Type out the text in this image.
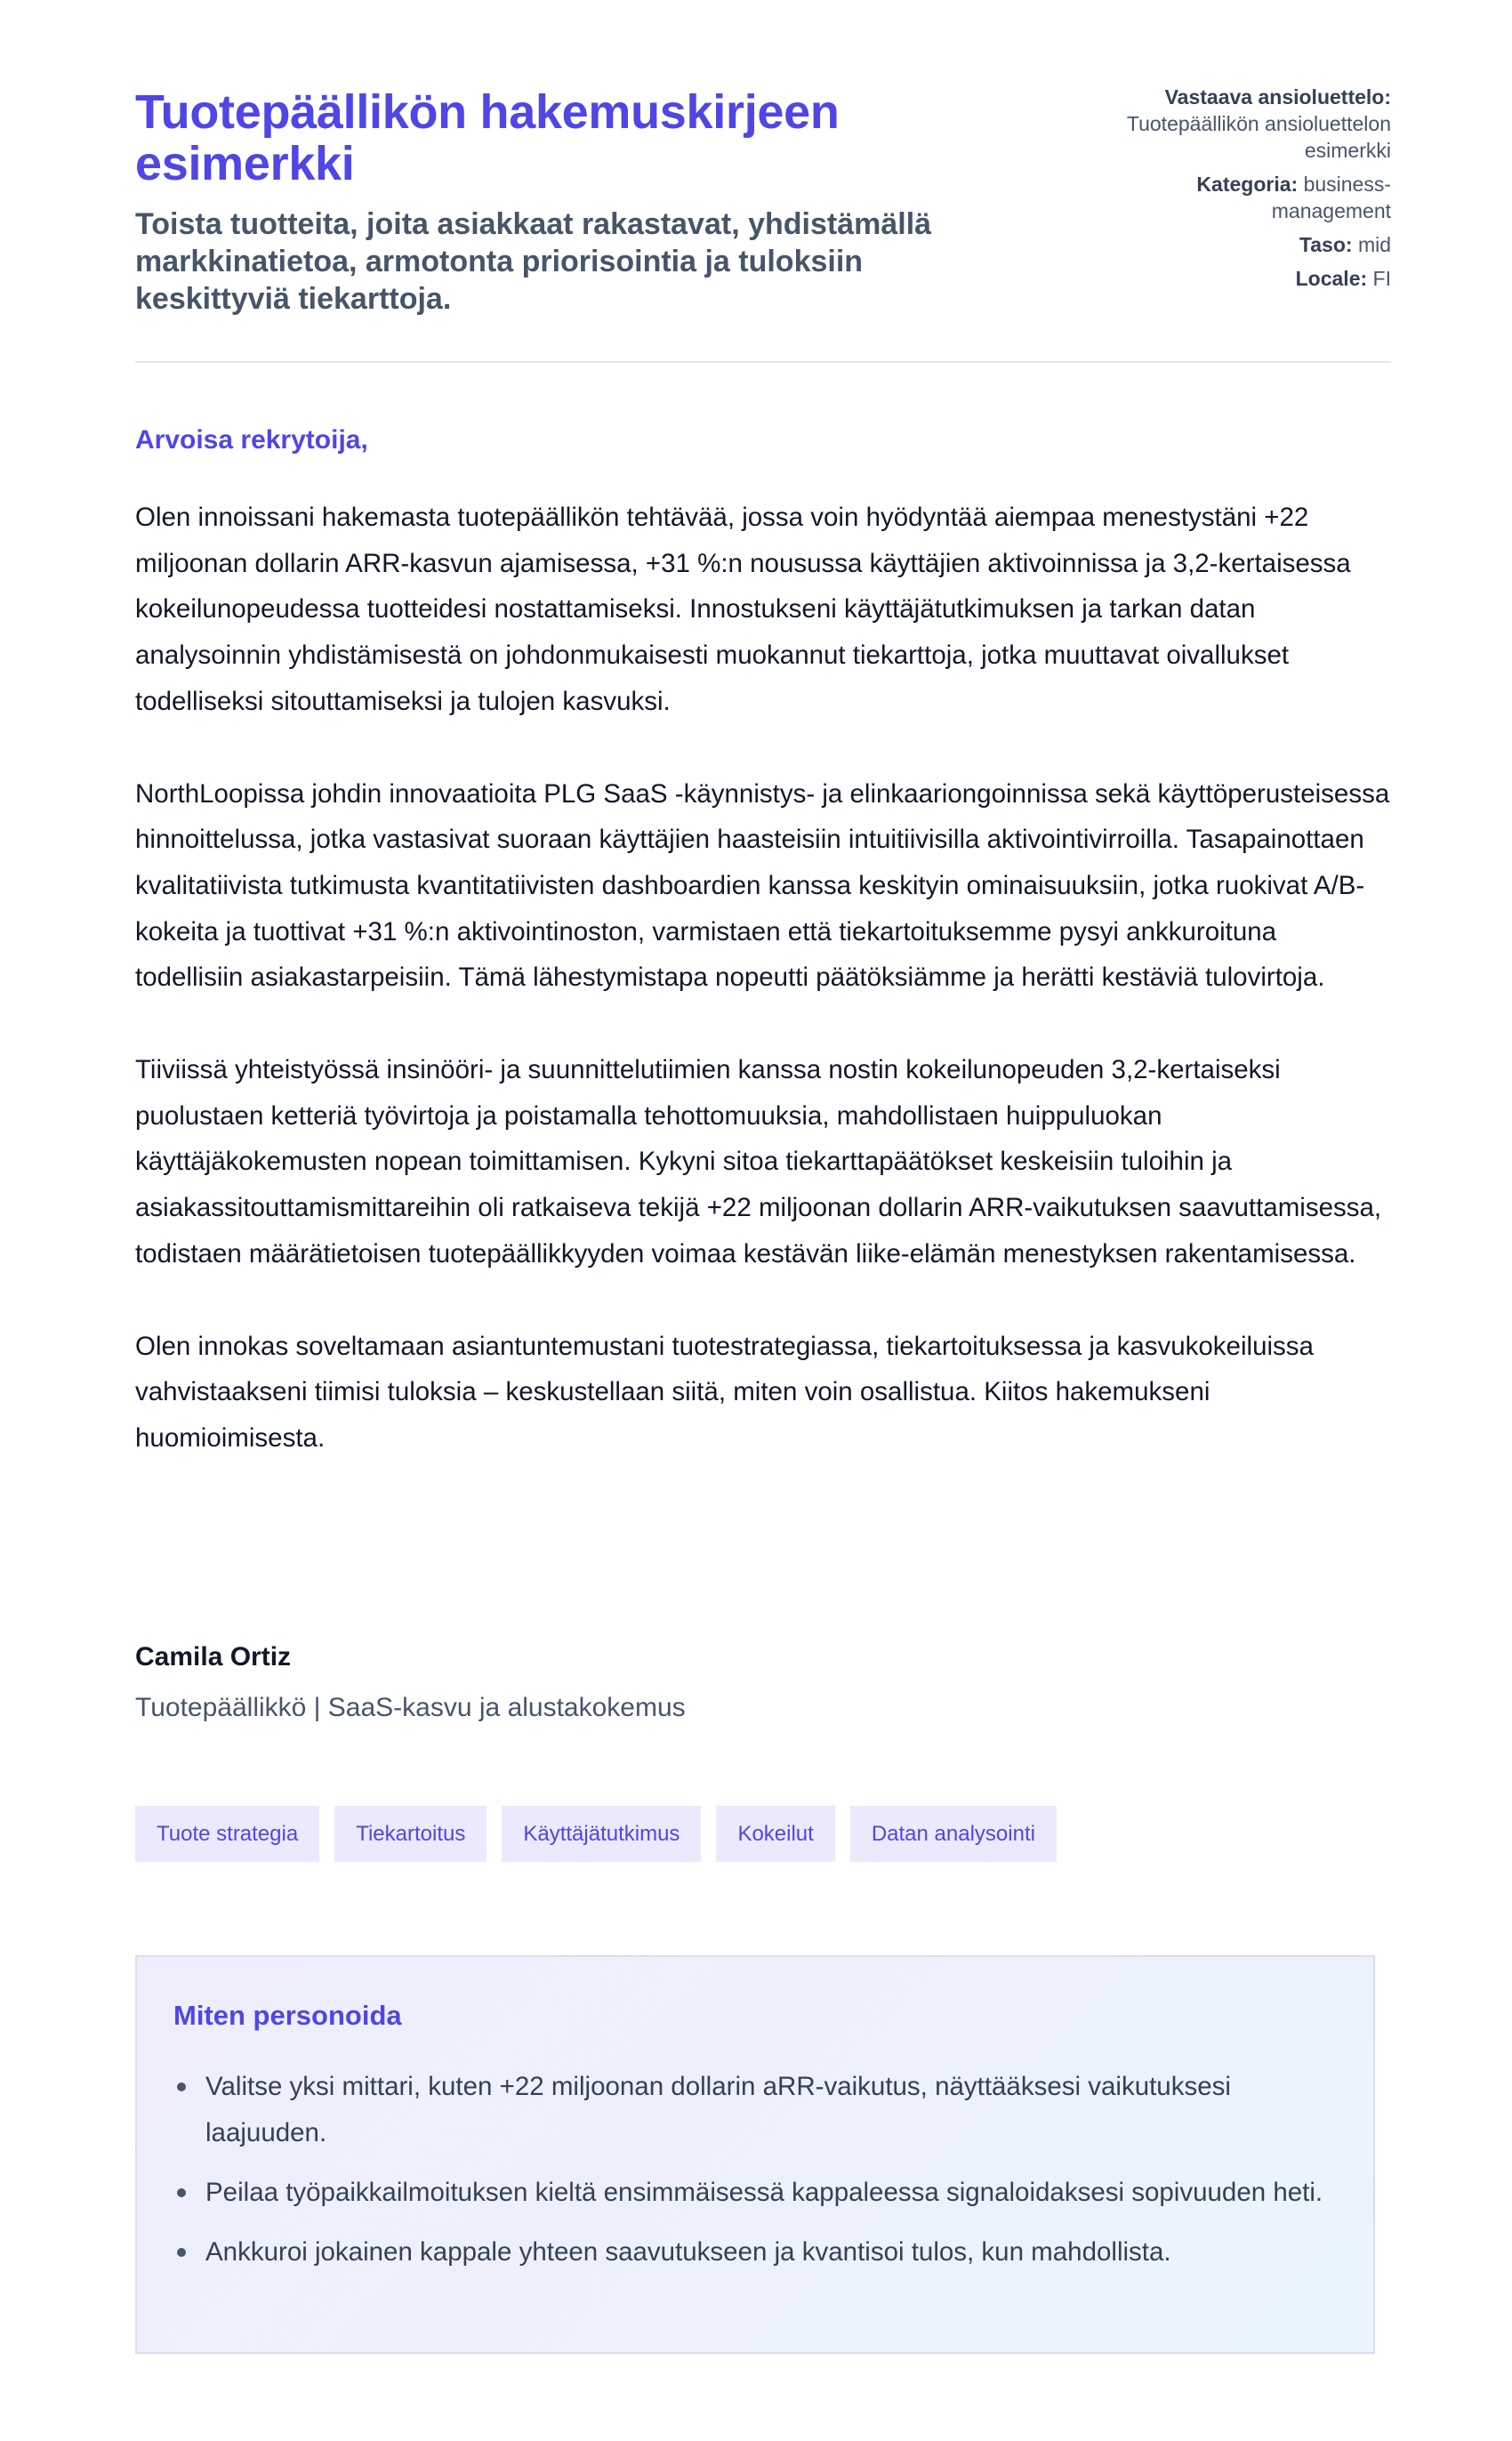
Tuotepäällikön hakemuskirjeen esimerkki

Toista tuotteita, joita asiakkaat rakastavat, yhdistämällä markkinatietoa, armotonta priorisointia ja tuloksiin keskittyviä tiekarttoja.

Vastaava ansioluettelo:
Tuotepäällikön ansioluettelon esimerkki
Kategoria: business-management
Taso: mid
Locale: FI

Arvoisa rekrytoija,

Olen innoissani hakemasta tuotepäällikön tehtävää, jossa voin hyödyntää aiempaa menestystäni +22 miljoonan dollarin ARR-kasvun ajamisessa, +31 %:n nousussa käyttäjien aktivoinnissa ja 3,2-kertaisessa kokeilunopeudessa tuotteidesi nostattamiseksi. Innostukseni käyttäjätutkimuksen ja tarkan datan analysoinnin yhdistämisestä on johdonmukaisesti muokannut tiekarttoja, jotka muuttavat oivallukset todelliseksi sitouttamiseksi ja tulojen kasvuksi.

NorthLoopissa johdin innovaatioita PLG SaaS -käynnistys- ja elinkaariongoinnissa sekä käyttöperusteisessa hinnoittelussa, jotka vastasivat suoraan käyttäjien haasteisiin intuitiivisilla aktivointivirroilla. Tasapainottaen kvalitatiivista tutkimusta kvantitatiivisten dashboardien kanssa keskityin ominaisuuksiin, jotka ruokivat A/B-kokeita ja tuottivat +31 %:n aktivointinoston, varmistaen että tiekartoituksemme pysyi ankkuroituna todellisiin asiakastarpeisiin. Tämä lähestymistapa nopeutti päätöksiämme ja herätti kestäviä tulovirtoja.

Tiiviissä yhteistyössä insinööri- ja suunnittelutiimien kanssa nostin kokeilunopeuden 3,2-kertaiseksi puolustaen ketteriä työvirtoja ja poistamalla tehottomuuksia, mahdollistaen huippuluokan käyttäjäkokemusten nopean toimittamisen. Kykyni sitoa tiekarttapäätökset keskeisiin tuloihin ja asiakassitouttamismittareihin oli ratkaiseva tekijä +22 miljoonan dollarin ARR-vaikutuksen saavuttamisessa, todistaen määrätietoisen tuotepäällikkyyden voimaa kestävän liike-elämän menestyksen rakentamisessa.

Olen innokas soveltamaan asiantuntemustani tuotestrategiassa, tiekartoituksessa ja kasvukokeiluissa vahvistaakseni tiimisi tuloksia – keskustellaan siitä, miten voin osallistua. Kiitos hakemukseni huomioimisesta.

Camila Ortiz
Tuotepäällikkö | SaaS-kasvu ja alustakokemus
Tuote strategia	Tiekartoitus	Käyttäjätutkimus	Kokeilut	Datan analysointi
Miten personoida
Valitse yksi mittari, kuten +22 miljoonan dollarin aRR-vaikutus, näyttääksesi vaikutuksesi laajuuden.
Peilaa työpaikkailmoituksen kieltä ensimmäisessä kappaleessa signaloidaksesi sopivuuden heti.
Ankkuroi jokainen kappale yhteen saavutukseen ja kvantisoi tulos, kun mahdollista.
